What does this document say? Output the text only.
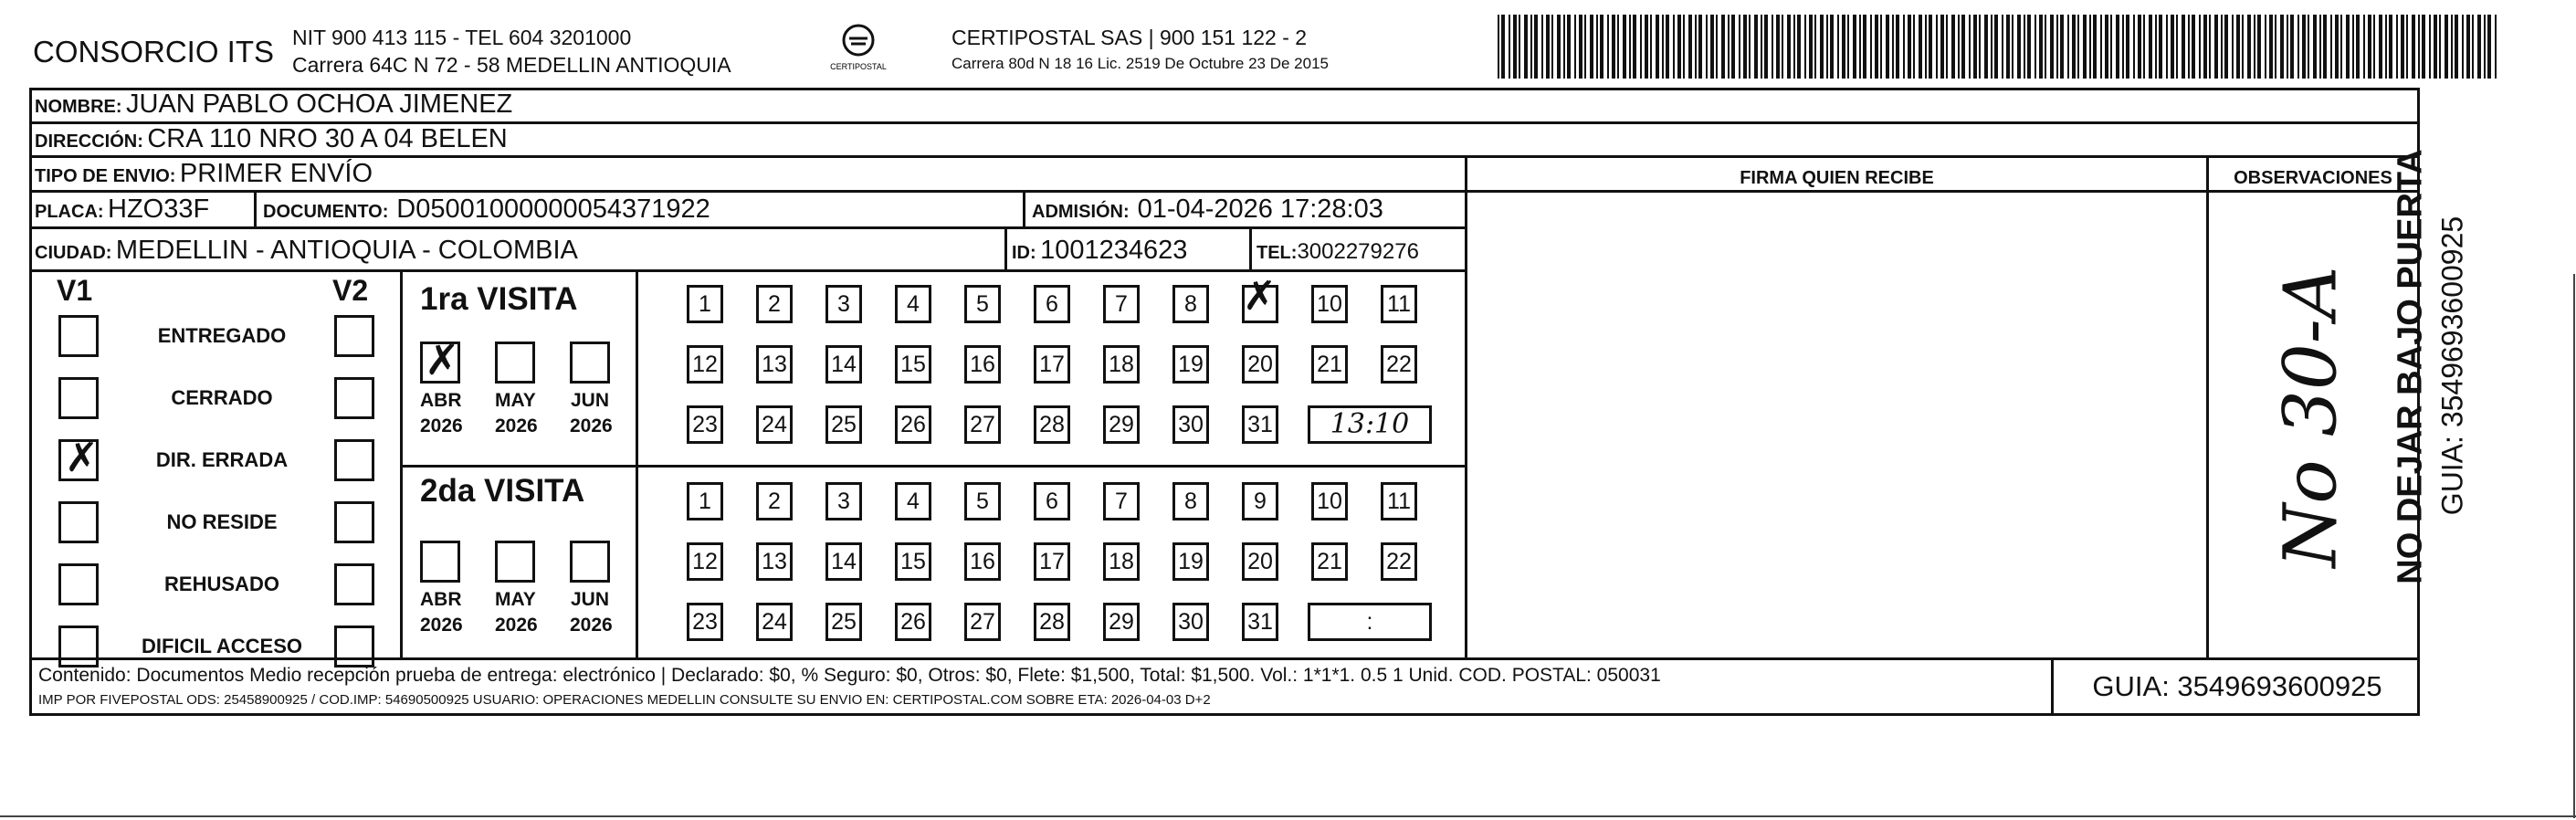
CONSORCIO ITS NIT 900 413 115 - TEL 604 3201000
Carrera 64C N 72 - 58 MEDELLIN ANTIOQUIA	CERTIPOSTAL
CERTIPOSTAL SAS | 900 151 122 - 2
Carrera 80d N 18 16 Lic. 2519 De Octubre 23 De 2015
NOMBRE: JUAN PABLO OCHOA JIMENEZ
DIRECCIÓN: CRA 110 NRO 30 A 04 BELEN
TIPO DE ENVIO: PRIMER ENVÍO	FIRMA QUIEN RECIBE	OBSERVACIONES
PLACA: HZO33F	DOCUMENTO: D05001000000054371922	ADMISIÓN: 01-04-2026 17:28:03
CIUDAD: MEDELLIN - ANTIOQUIA - COLOMBIA	ID: 1001234623	TEL:3002279276
V1	V2
ENTREGADO
CERRADO
✗	DIR. ERRADA
NO RESIDE
REHUSADO
DIFICIL ACCESO
1ra VISITA
✗
ABR
2026
MAY
2026
JUN
2026
1	2	3	4	5	6	7	8 ✗ 10 11
12 13 14 15 16 17 18 19 20 21 22
23 24 25 26 27 28 29 30 31	13:10
2da VISITA
ABR
2026
MAY
2026
JUN
2026
1	2	3	4	5	6	7	8	9	10 11
12 13 14 15 16 17 18 19 20 21 22
23 24 25 26 27 28 29 30 31	:
No 30-A
Contenido: Documentos Medio recepción prueba de entrega: electrónico | Declarado: $0, % Seguro: $0, Otros: $0, Flete: $1,500, Total: $1,500. Vol.: 1*1*1. 0.5 1 Unid. COD. POSTAL: 050031
IMP POR FIVEPOSTAL ODS: 25458900925 / COD.IMP: 54690500925 USUARIO: OPERACIONES MEDELLIN CONSULTE SU ENVIO EN: CERTIPOSTAL.COM SOBRE ETA: 2026-04-03 D+2	GUIA: 3549693600925
NO DEJAR BAJO PUERTA GUIA: 3549693600925
